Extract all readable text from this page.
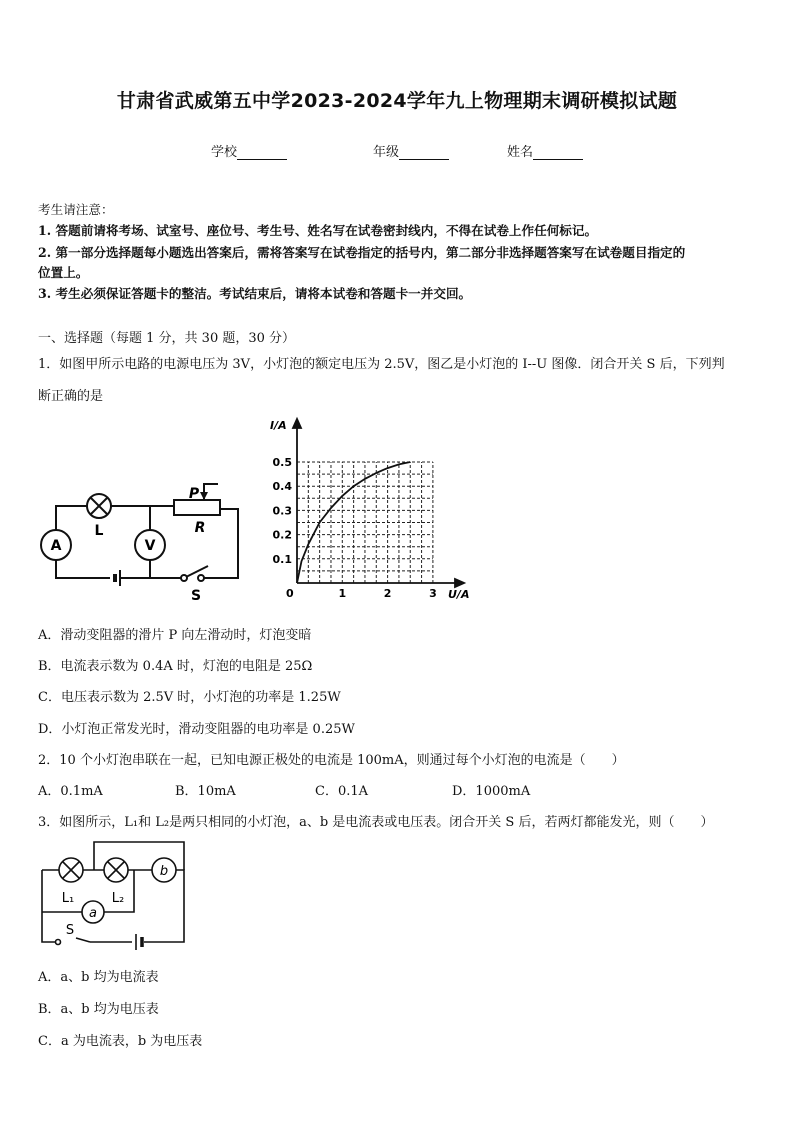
甘肃省武威第五中学2023-2024学年九上物理期末调研模拟试题
学校	年级	姓名
考生请注意：
1. 答题前请将考场、试室号、座位号、考生号、姓名写在试卷密封线内，不得在试卷上作任何标记。
2. 第一部分选择题每小题选出答案后，需将答案写在试卷指定的括号内，第二部分非选择题答案写在试卷题目指定的
位置上。
3. 考生必须保证答题卡的整洁。考试结束后，请将本试卷和答题卡一并交回。
一、选择题（每题 1 分，共 30 题，30 分）
1．如图甲所示电路的电源电压为 3V，小灯泡的额定电压为 2.5V，图乙是小灯泡的 I--U 图像．闭合开关 S 后，下列判
断正确的是
A	V
L
P
R
S
0.1
0.2
0.3
0.4
0.5
1	2	3
I/A
U/A
0
A．滑动变阻器的滑片 P 向左滑动时，灯泡变暗
B．电流表示数为 0.4A 时，灯泡的电阻是 25Ω
C．电压表示数为 2.5V 时，小灯泡的功率是 1.25W
D．小灯泡正常发光时，滑动变阻器的电功率是 0.25W
2．10 个小灯泡串联在一起，已知电源正极处的电流是 100mA，则通过每个小灯泡的电流是（　　）
A．0.1mA	B．10mA	C．0.1A	D．1000mA
3．如图所示，L₁和 L₂是两只相同的小灯泡，a、b 是电流表或电压表。闭合开关 S 后，若两灯都能发光，则（　　）
L₁	L₂
a
b
S
A．a、b 均为电流表
B．a、b 均为电压表
C．a 为电流表，b 为电压表
